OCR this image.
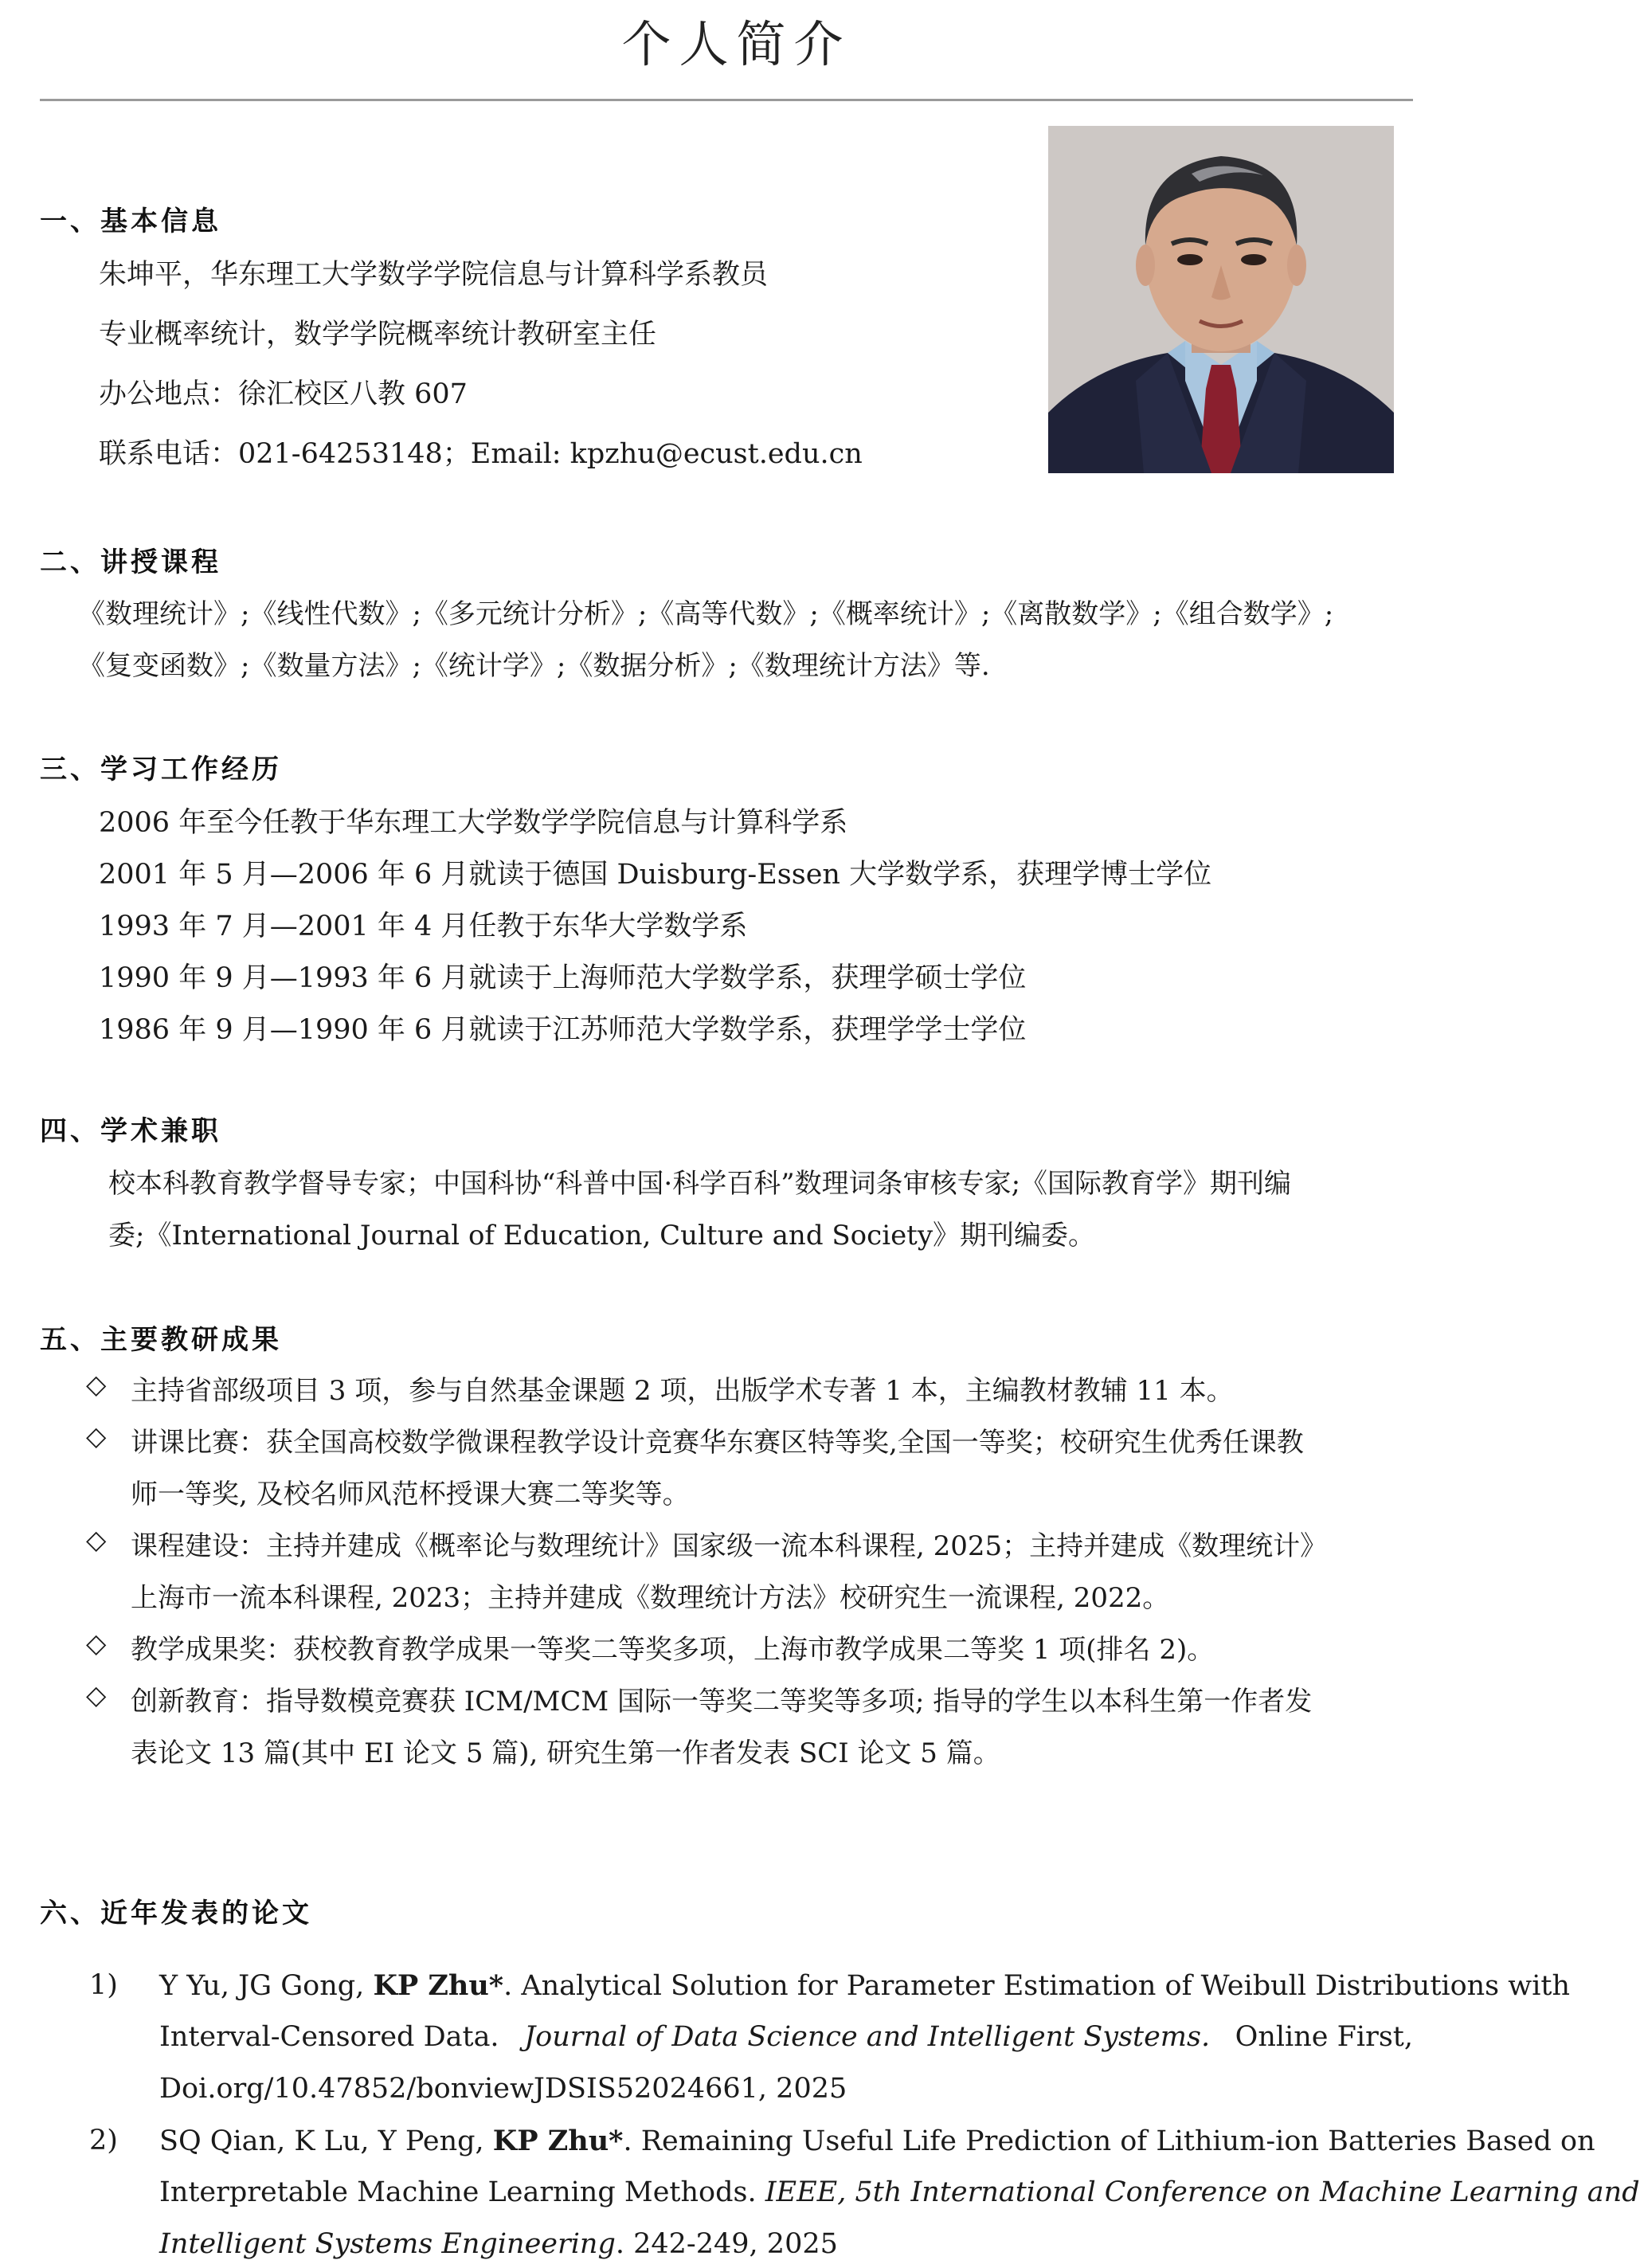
个人简介
一、基本信息
朱坤平，华东理工大学数学学院信息与计算科学系教员
专业概率统计，数学学院概率统计教研室主任
办公地点：徐汇校区八教 607
联系电话：021-64253148；Email: kpzhu@ecust.edu.cn
二、讲授课程
《数理统计》;《线性代数》;《多元统计分析》;《高等代数》;《概率统计》;《离散数学》;《组合数学》;
《复变函数》;《数量方法》;《统计学》;《数据分析》;《数理统计方法》等.
三、学习工作经历
2006 年至今任教于华东理工大学数学学院信息与计算科学系
2001 年 5 月—2006 年 6 月就读于德国 Duisburg-Essen 大学数学系，获理学博士学位
1993 年 7 月—2001 年 4 月任教于东华大学数学系
1990 年 9 月—1993 年 6 月就读于上海师范大学数学系，获理学硕士学位
1986 年 9 月—1990 年 6 月就读于江苏师范大学数学系，获理学学士学位
四、学术兼职
校本科教育教学督导专家；中国科协“科普中国·科学百科”数理词条审核专家;《国际教育学》期刊编
委;《International Journal of Education, Culture and Society》期刊编委。
五、主要教研成果
◇ 主持省部级项目 3 项，参与自然基金课题 2 项，出版学术专著 1 本，主编教材教辅 11 本。
◇ 讲课比赛：获全国高校数学微课程教学设计竞赛华东赛区特等奖,全国一等奖；校研究生优秀任课教
师一等奖, 及校名师风范杯授课大赛二等奖等。
◇ 课程建设：主持并建成《概率论与数理统计》国家级一流本科课程, 2025；主持并建成《数理统计》
上海市一流本科课程, 2023；主持并建成《数理统计方法》校研究生一流课程, 2022。
◇ 教学成果奖：获校教育教学成果一等奖二等奖多项，上海市教学成果二等奖 1 项(排名 2)。
◇ 创新教育：指导数模竞赛获 ICM/MCM 国际一等奖二等奖等多项; 指导的学生以本科生第一作者发
表论文 13 篇(其中 EI 论文 5 篇), 研究生第一作者发表 SCI 论文 5 篇。
六、近年发表的论文
1) Y Yu, JG Gong, KP Zhu*. Analytical Solution for Parameter Estimation of Weibull Distributions with
Interval-Censored Data. Journal of Data Science and Intelligent Systems. Online First,
Doi.org/10.47852/bonviewJDSIS52024661, 2025
2) SQ Qian, K Lu, Y Peng, KP Zhu*. Remaining Useful Life Prediction of Lithium-ion Batteries Based on
Interpretable Machine Learning Methods. IEEE, 5th International Conference on Machine Learning and
Intelligent Systems Engineering. 242-249, 2025
